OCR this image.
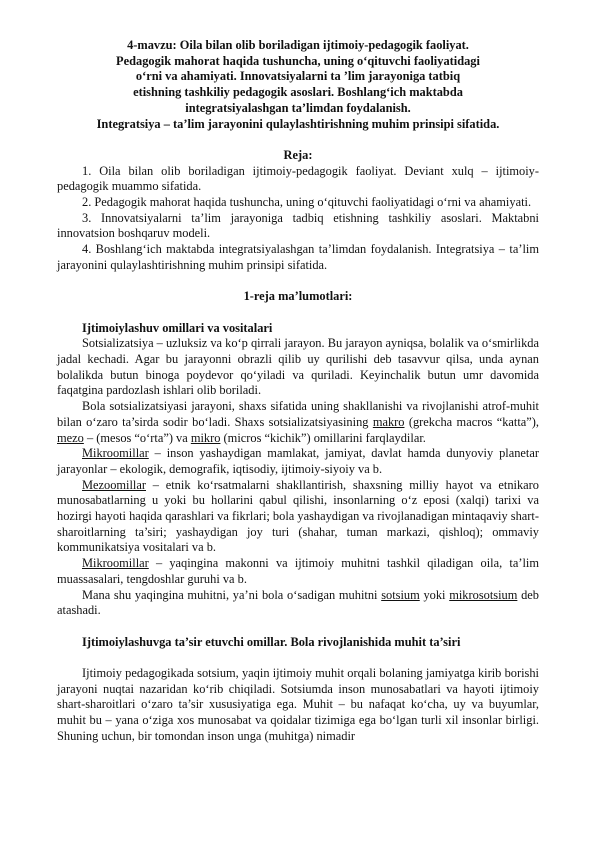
4-mavzu: Oila bilan olib boriladigan ijtimoiy-pedagogik faoliyat.
Pedagogik mahorat haqida tushuncha, uning o‘qituvchi faoliyatidagi
o‘rni va ahamiyati. Innovatsiyalarni ta ’lim jarayoniga tatbiq
etishning tashkiliy pedagogik asoslari. Boshlang‘ich maktabda
integratsiyalashgan ta’limdan foydalanish.
Integratsiya – ta’lim jarayonini qulaylashtirishning muhim prinsipi sifatida.

Reja:

1. Oila bilan olib boriladigan ijtimoiy-pedagogik faoliyat. Deviant xulq – ijtimoiy-pedagogik muammo sifatida.

2. Pedagogik mahorat haqida tushuncha, uning o‘qituvchi faoliyatidagi o‘rni va ahamiyati.

3. Innovatsiyalarni ta’lim jarayoniga tadbiq etishning tashkiliy asoslari. Maktabni innovatsion boshqaruv modeli.

4. Boshlang‘ich maktabda integratsiyalashgan ta’limdan foydalanish. Integratsiya – ta’lim jarayonini qulaylashtirishning muhim prinsipi sifatida.

1-reja ma’lumotlari:

Ijtimoiylashuv omillari va vositalari

Sotsializatsiya – uzluksiz va ko‘p qirrali jarayon. Bu jarayon ayniqsa, bolalik va o‘smirlikda jadal kechadi. Agar bu jarayonni obrazli qilib uy qurilishi deb tasavvur qilsa, unda aynan bolalikda butun binoga poydevor qo‘yiladi va quriladi. Keyinchalik butun umr davomida faqatgina pardozlash ishlari olib boriladi.

Bola sotsializatsiyasi jarayoni, shaxs sifatida uning shakllanishi va rivojlanishi atrof-muhit bilan o‘zaro ta’sirda sodir bo‘ladi. Shaxs sotsializatsiyasining makro (grekcha macros “katta”), mezo – (mesos “o‘rta”) va mikro (micros “kichik”) omillarini farqlaydilar.

Mikroomillar – inson yashaydigan mamlakat, jamiyat, davlat hamda dunyoviy planetar jarayonlar – ekologik, demografik, iqtisodiy, ijtimoiy-siyoiy va b.

Mezoomillar – etnik ko‘rsatmalarni shakllantirish, shaxsning milliy hayot va etnikaro munosabatlarning u yoki bu hollarini qabul qilishi, insonlarning o‘z eposi (xalqi) tarixi va hozirgi hayoti haqida qarashlari va fikrlari; bola yashaydigan va rivojlanadigan mintaqaviy shart-sharoitlarning ta’siri; yashaydigan joy turi (shahar, tuman markazi, qishloq); ommaviy kommunikatsiya vositalari va b.

Mikroomillar – yaqingina makonni va ijtimoiy muhitni tashkil qiladigan oila, ta’lim muassasalari, tengdoshlar guruhi va b.

Mana shu yaqingina muhitni, ya’ni bola o‘sadigan muhitni sotsium yoki mikrosotsium deb atashadi.

Ijtimoiylashuvga ta’sir etuvchi omillar. Bola rivojlanishida muhit ta’siri

Ijtimoiy pedagogikada sotsium, yaqin ijtimoiy muhit orqali bolaning jamiyatga kirib borishi jarayoni nuqtai nazaridan ko‘rib chiqiladi. Sotsiumda inson munosabatlari va hayoti ijtimoiy shart-sharoitlari o‘zaro ta’sir xususiyatiga ega. Muhit – bu nafaqat ko‘cha, uy va buyumlar, muhit bu – yana o‘ziga xos munosabat va qoidalar tizimiga ega bo‘lgan turli xil insonlar birligi. Shuning uchun, bir tomondan inson unga (muhitga) nimadir
